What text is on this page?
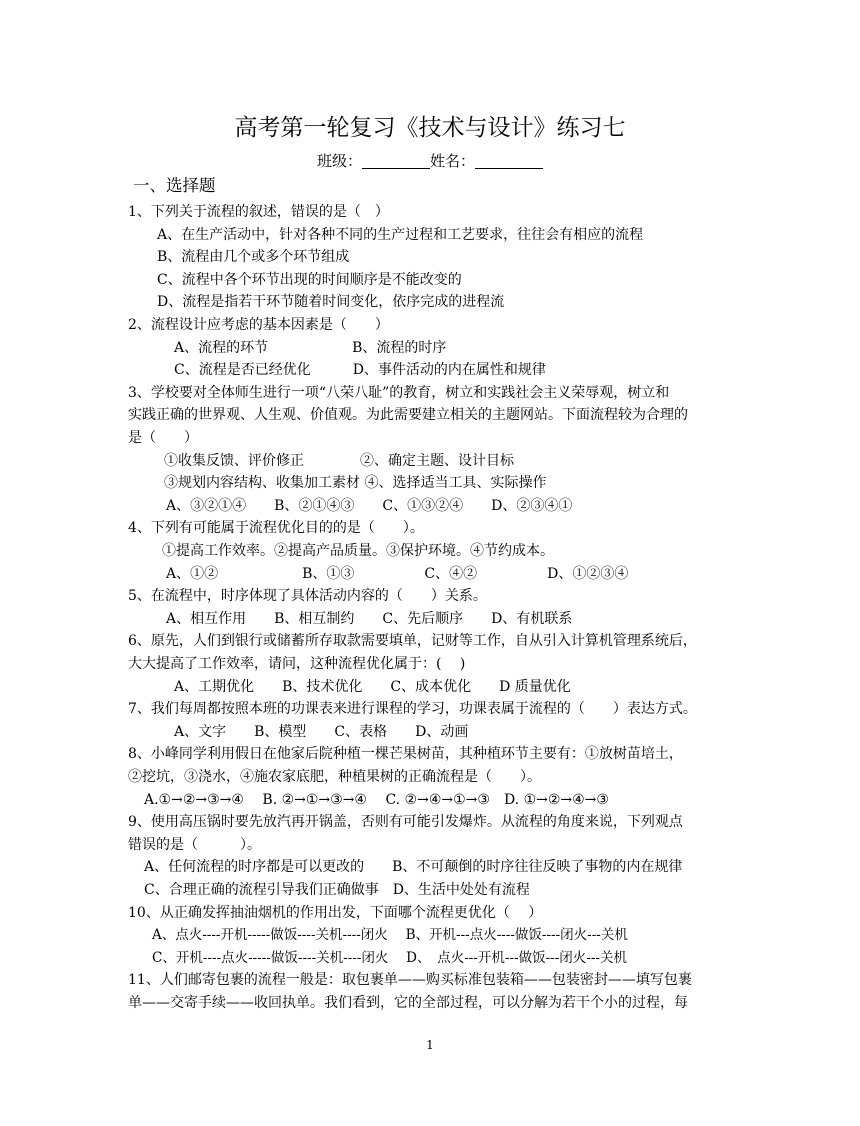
高考第一轮复习《技术与设计》练习七
班级：	姓名：
一、选择题
1、下列关于流程的叙述，错误的是（　）
A、在生产活动中，针对各种不同的生产过程和工艺要求，往往会有相应的流程
B、流程由几个或多个环节组成
C、流程中各个环节出现的时间顺序是不能改变的
D、流程是指若干环节随着时间变化，依序完成的进程流
2、流程设计应考虑的基本因素是（　　）
A、流程的环节　　　　　　B、流程的时序
C、流程是否已经优化　　　D、事件活动的内在属性和规律
3、学校要对全体师生进行一项“八荣八耻”的教育，树立和实践社会主义荣辱观，树立和
实践正确的世界观、人生观、价值观。为此需要建立相关的主题网站。下面流程较为合理的
是（　　）
①收集反馈、评价修正　　　　②、确定主题、设计目标
③规划内容结构、收集加工素材 ④、选择适当工具、实际操作
A、③②①④　　B、②①④③　　C、①③②④　　D、②③④①
4、下列有可能属于流程优化目的的是（　　）。
①提高工作效率。②提高产品质量。③保护环境。④节约成本。
A、①②　　　　　　B、①③　　　　　C、④②　　　　　D、①②③④
5、在流程中，时序体现了具体活动内容的（　　）关系。
A、相互作用　　B、相互制约　　C、先后顺序　　D、有机联系
6、原先，人们到银行或储蓄所存取款需要填单，记财等工作，自从引入计算机管理系统后，
大大提高了工作效率，请问，这种流程优化属于：(　 )
A、工期优化　　B、技术优化　　C、成本优化　　D 质量优化
7、我们每周都按照本班的功课表来进行课程的学习，功课表属于流程的（　　）表达方式。
A、文字　　B、模型　　C、表格　　D、动画
8、小峰同学利用假日在他家后院种植一棵芒果树苗，其种植环节主要有：①放树苗培土，
②挖坑，③浇水，④施农家底肥，种植果树的正确流程是（　　）。
A.①→②→③→④　 B. ②→①→③→④　 C. ②→④→①→③　D. ①→②→④→③
9、使用高压锅时要先放汽再开锅盖，否则有可能引发爆炸。从流程的角度来说，下列观点
错误的是（　　　）。
A、任何流程的时序都是可以更改的　　B、不可颠倒的时序往往反映了事物的内在规律
C、合理正确的流程引导我们正确做事　D、生活中处处有流程
10、从正确发挥抽油烟机的作用出发，下面哪个流程更优化（　 ）
A、点火----开机-----做饭----关机----闭火　 B、开机---点火----做饭----闭火---关机
C、开机----点火-----做饭----关机----闭火　 D、　点火---开机---做饭---闭火---关机
11、人们邮寄包裹的流程一般是：取包裹单——购买标准包装箱——包装密封——填写包裹
单——交寄手续——收回执单。我们看到，它的全部过程，可以分解为若干个小的过程，每
1
